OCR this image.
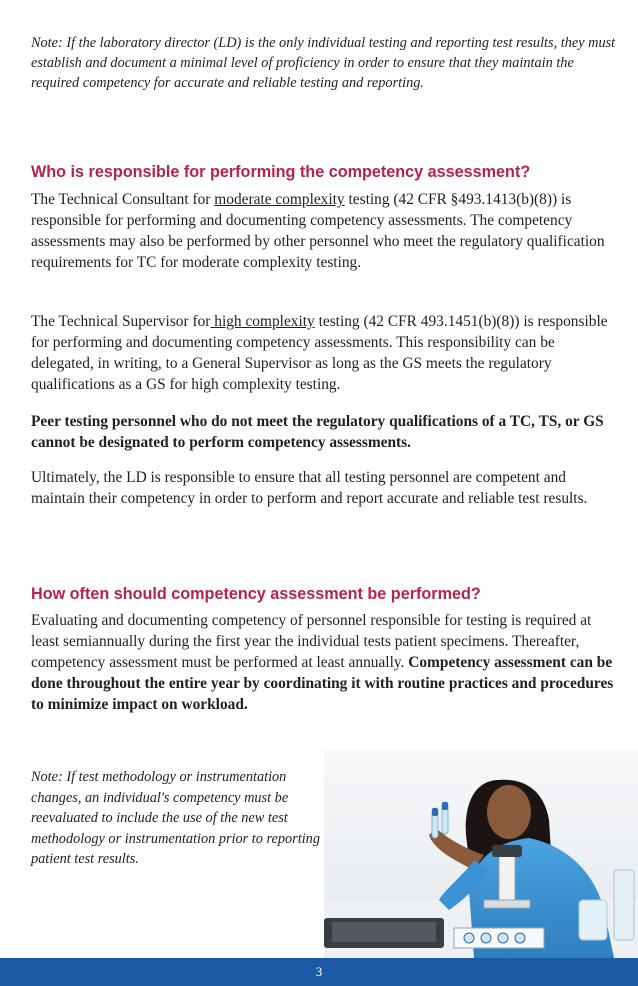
Note: If the laboratory director (LD) is the only individual testing and reporting test results, they must establish and document a minimal level of proficiency in order to ensure that they maintain the required competency for accurate and reliable testing and reporting.

Who is responsible for performing the competency assessment?

The Technical Consultant for moderate complexity testing (42 CFR §493.1413(b)(8)) is responsible for performing and documenting competency assessments. The competency assessments may also be performed by other personnel who meet the regulatory qualification requirements for TC for moderate complexity testing.

The Technical Supervisor for high complexity testing (42 CFR 493.1451(b)(8)) is responsible for performing and documenting competency assessments. This responsibility can be delegated, in writing, to a General Supervisor as long as the GS meets the regulatory qualifications as a GS for high complexity testing.

Peer testing personnel who do not meet the regulatory qualifications of a TC, TS, or GS cannot be designated to perform competency assessments.

Ultimately, the LD is responsible to ensure that all testing personnel are competent and maintain their competency in order to perform and report accurate and reliable test results.

How often should competency assessment be performed?

Evaluating and documenting competency of personnel responsible for testing is required at least semiannually during the first year the individual tests patient specimens. Thereafter, competency assessment must be performed at least annually. Competency assessment can be done throughout the entire year by coordinating it with routine practices and procedures to minimize impact on workload.

Note: If test methodology or instrumentation changes, an individual's competency must be reevaluated to include the use of the new test methodology or instrumentation prior to reporting patient test results.

3
